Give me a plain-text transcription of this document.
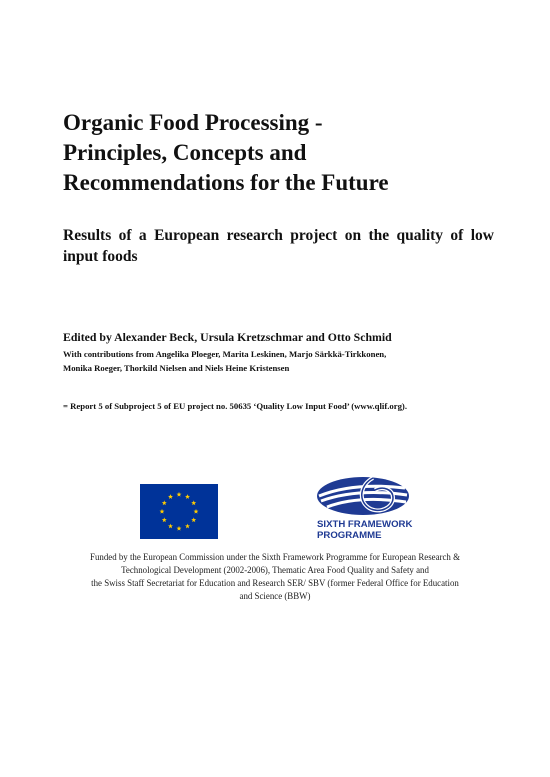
Organic Food Processing -
Principles, Concepts and
Recommendations for the Future

Results of a European research project on the quality of low input foods

Edited by Alexander Beck, Ursula Kretzschmar and Otto Schmid

With contributions from Angelika Ploeger, Marita Leskinen, Marjo Särkkä-Tirkkonen,
Monika Roeger, Thorkild Nielsen and Niels Heine Kristensen

= Report 5 of Subproject 5 of EU project no. 50635 ‘Quality Low Input Food’ (www.qlif.org).

SIXTH FRAMEWORK
PROGRAMME

Funded by the European Commission under the Sixth Framework Programme for European Research &
Technological Development (2002-2006), Thematic Area Food Quality and Safety and
the Swiss Staff Secretariat for Education and Research SER/ SBV (former Federal Office for Education
and Science (BBW)
